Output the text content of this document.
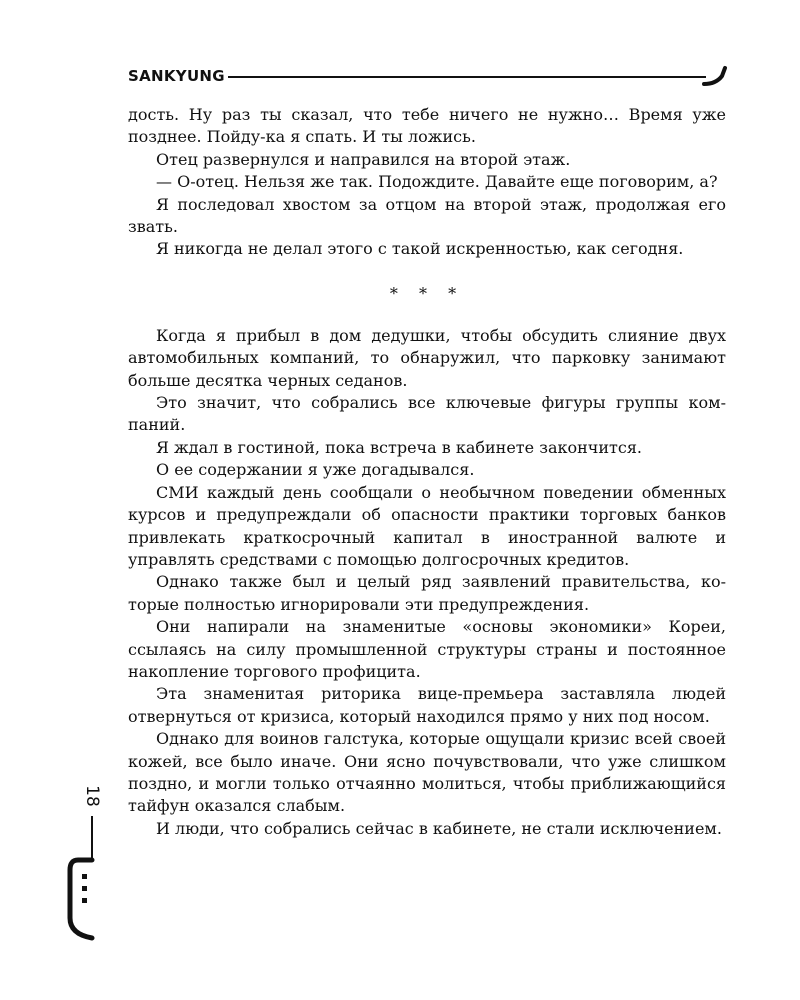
SANKYUNG

дость. Ну раз ты сказал, что тебе ничего не нужно… Время уже позднее. Пойду-ка я спать. И ты ложись.

Отец развернулся и направился на второй этаж.

— О-отец. Нельзя же так. Подождите. Давайте еще поговорим, а?

Я последовал хвостом за отцом на второй этаж, продолжая его звать.

Я никогда не делал этого с такой искренностью, как сегодня.

* * *

Когда я прибыл в дом дедушки, чтобы обсудить слияние двух автомобильных компаний, то обнаружил, что парковку занимают больше десятка черных седанов.

Это значит, что собрались все ключевые фигуры группы компаний.

Я ждал в гостиной, пока встреча в кабинете закончится.

О ее содержании я уже догадывался.

СМИ каждый день сообщали о необычном поведении обменных курсов и предупреждали об опасности практики торговых банков привлекать краткосрочный капитал в иностранной валюте и управлять средствами с помощью долгосрочных кредитов.

Однако также был и целый ряд заявлений правительства, которые полностью игнорировали эти предупреждения.

Они напирали на знаменитые «основы экономики» Кореи, ссылаясь на силу промышленной структуры страны и постоянное накопление торгового профицита.

Эта знаменитая риторика вице-премьера заставляла людей отвернуться от кризиса, который находился прямо у них под носом.

Однако для воинов галстука, которые ощущали кризис всей своей кожей, все было иначе. Они ясно почувствовали, что уже слишком поздно, и могли только отчаянно молиться, чтобы приближающийся тайфун оказался слабым.

И люди, что собрались сейчас в кабинете, не стали исключением.

18
